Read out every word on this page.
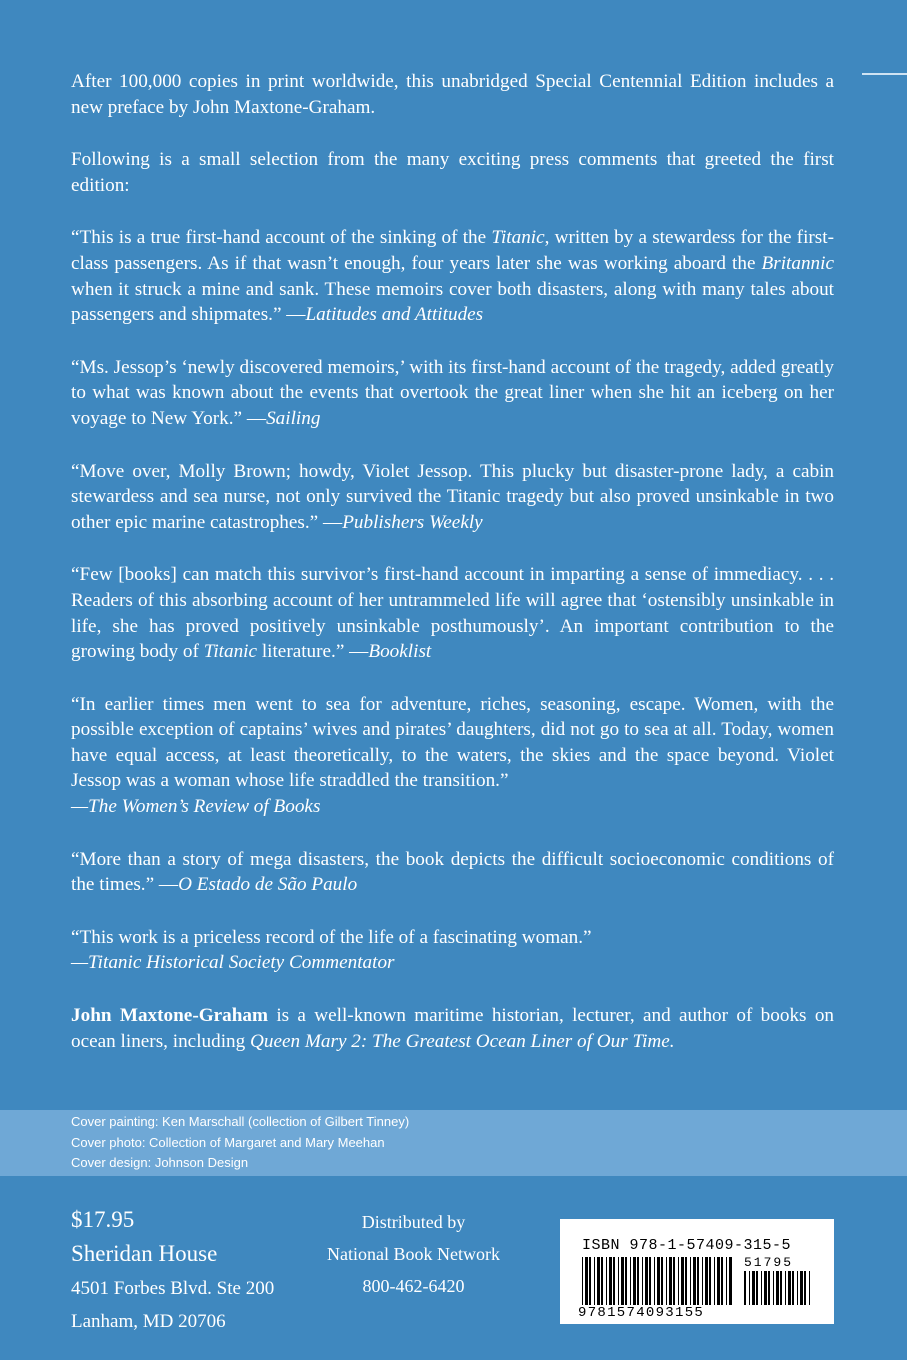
After 100,000 copies in print worldwide, this unabridged Special Centennial Edition includes a new preface by John Maxtone-Graham.

Following is a small selection from the many exciting press comments that greeted the first edition:

“This is a true first-hand account of the sinking of the Titanic, written by a stewardess for the first-class passengers. As if that wasn’t enough, four years later she was working aboard the Britannic when it struck a mine and sank. These memoirs cover both disasters, along with many tales about passengers and shipmates.” —Latitudes and Attitudes

“Ms. Jessop’s ‘newly discovered memoirs,’ with its first-hand account of the tragedy, added greatly to what was known about the events that overtook the great liner when she hit an iceberg on her voyage to New York.” —Sailing

“Move over, Molly Brown; howdy, Violet Jessop. This plucky but disaster-prone lady, a cabin stewardess and sea nurse, not only survived the Titanic tragedy but also proved unsinkable in two other epic marine catastrophes.” —Publishers Weekly

“Few [books] can match this survivor’s first-hand account in imparting a sense of immediacy. . . . Readers of this absorbing account of her untrammeled life will agree that ‘ostensibly unsinkable in life, she has proved positively unsinkable posthumously’. An important contribution to the growing body of Titanic literature.” —Booklist

“In earlier times men went to sea for adventure, riches, seasoning, escape. Women, with the possible exception of captains’ wives and pirates’ daughters, did not go to sea at all. Today, women have equal access, at least theoretically, to the waters, the skies and the space beyond. Violet Jessop was a woman whose life straddled the transition.”
—The Women’s Review of Books

“More than a story of mega disasters, the book depicts the difficult socioeconomic conditions of the times.” —O Estado de São Paulo

“This work is a priceless record of the life of a fascinating woman.”
—Titanic Historical Society Commentator

John Maxtone-Graham is a well-known maritime historian, lecturer, and author of books on ocean liners, including Queen Mary 2: The Greatest Ocean Liner of Our Time.

Cover painting: Ken Marschall (collection of Gilbert Tinney)
Cover photo: Collection of Margaret and Mary Meehan
Cover design: Johnson Design
$17.95
Sheridan House
4501 Forbes Blvd. Ste 200
Lanham, MD 20706
Distributed by
National Book Network
800-462-6420
ISBN 978-1-57409-315-5
51795
9781574093155
